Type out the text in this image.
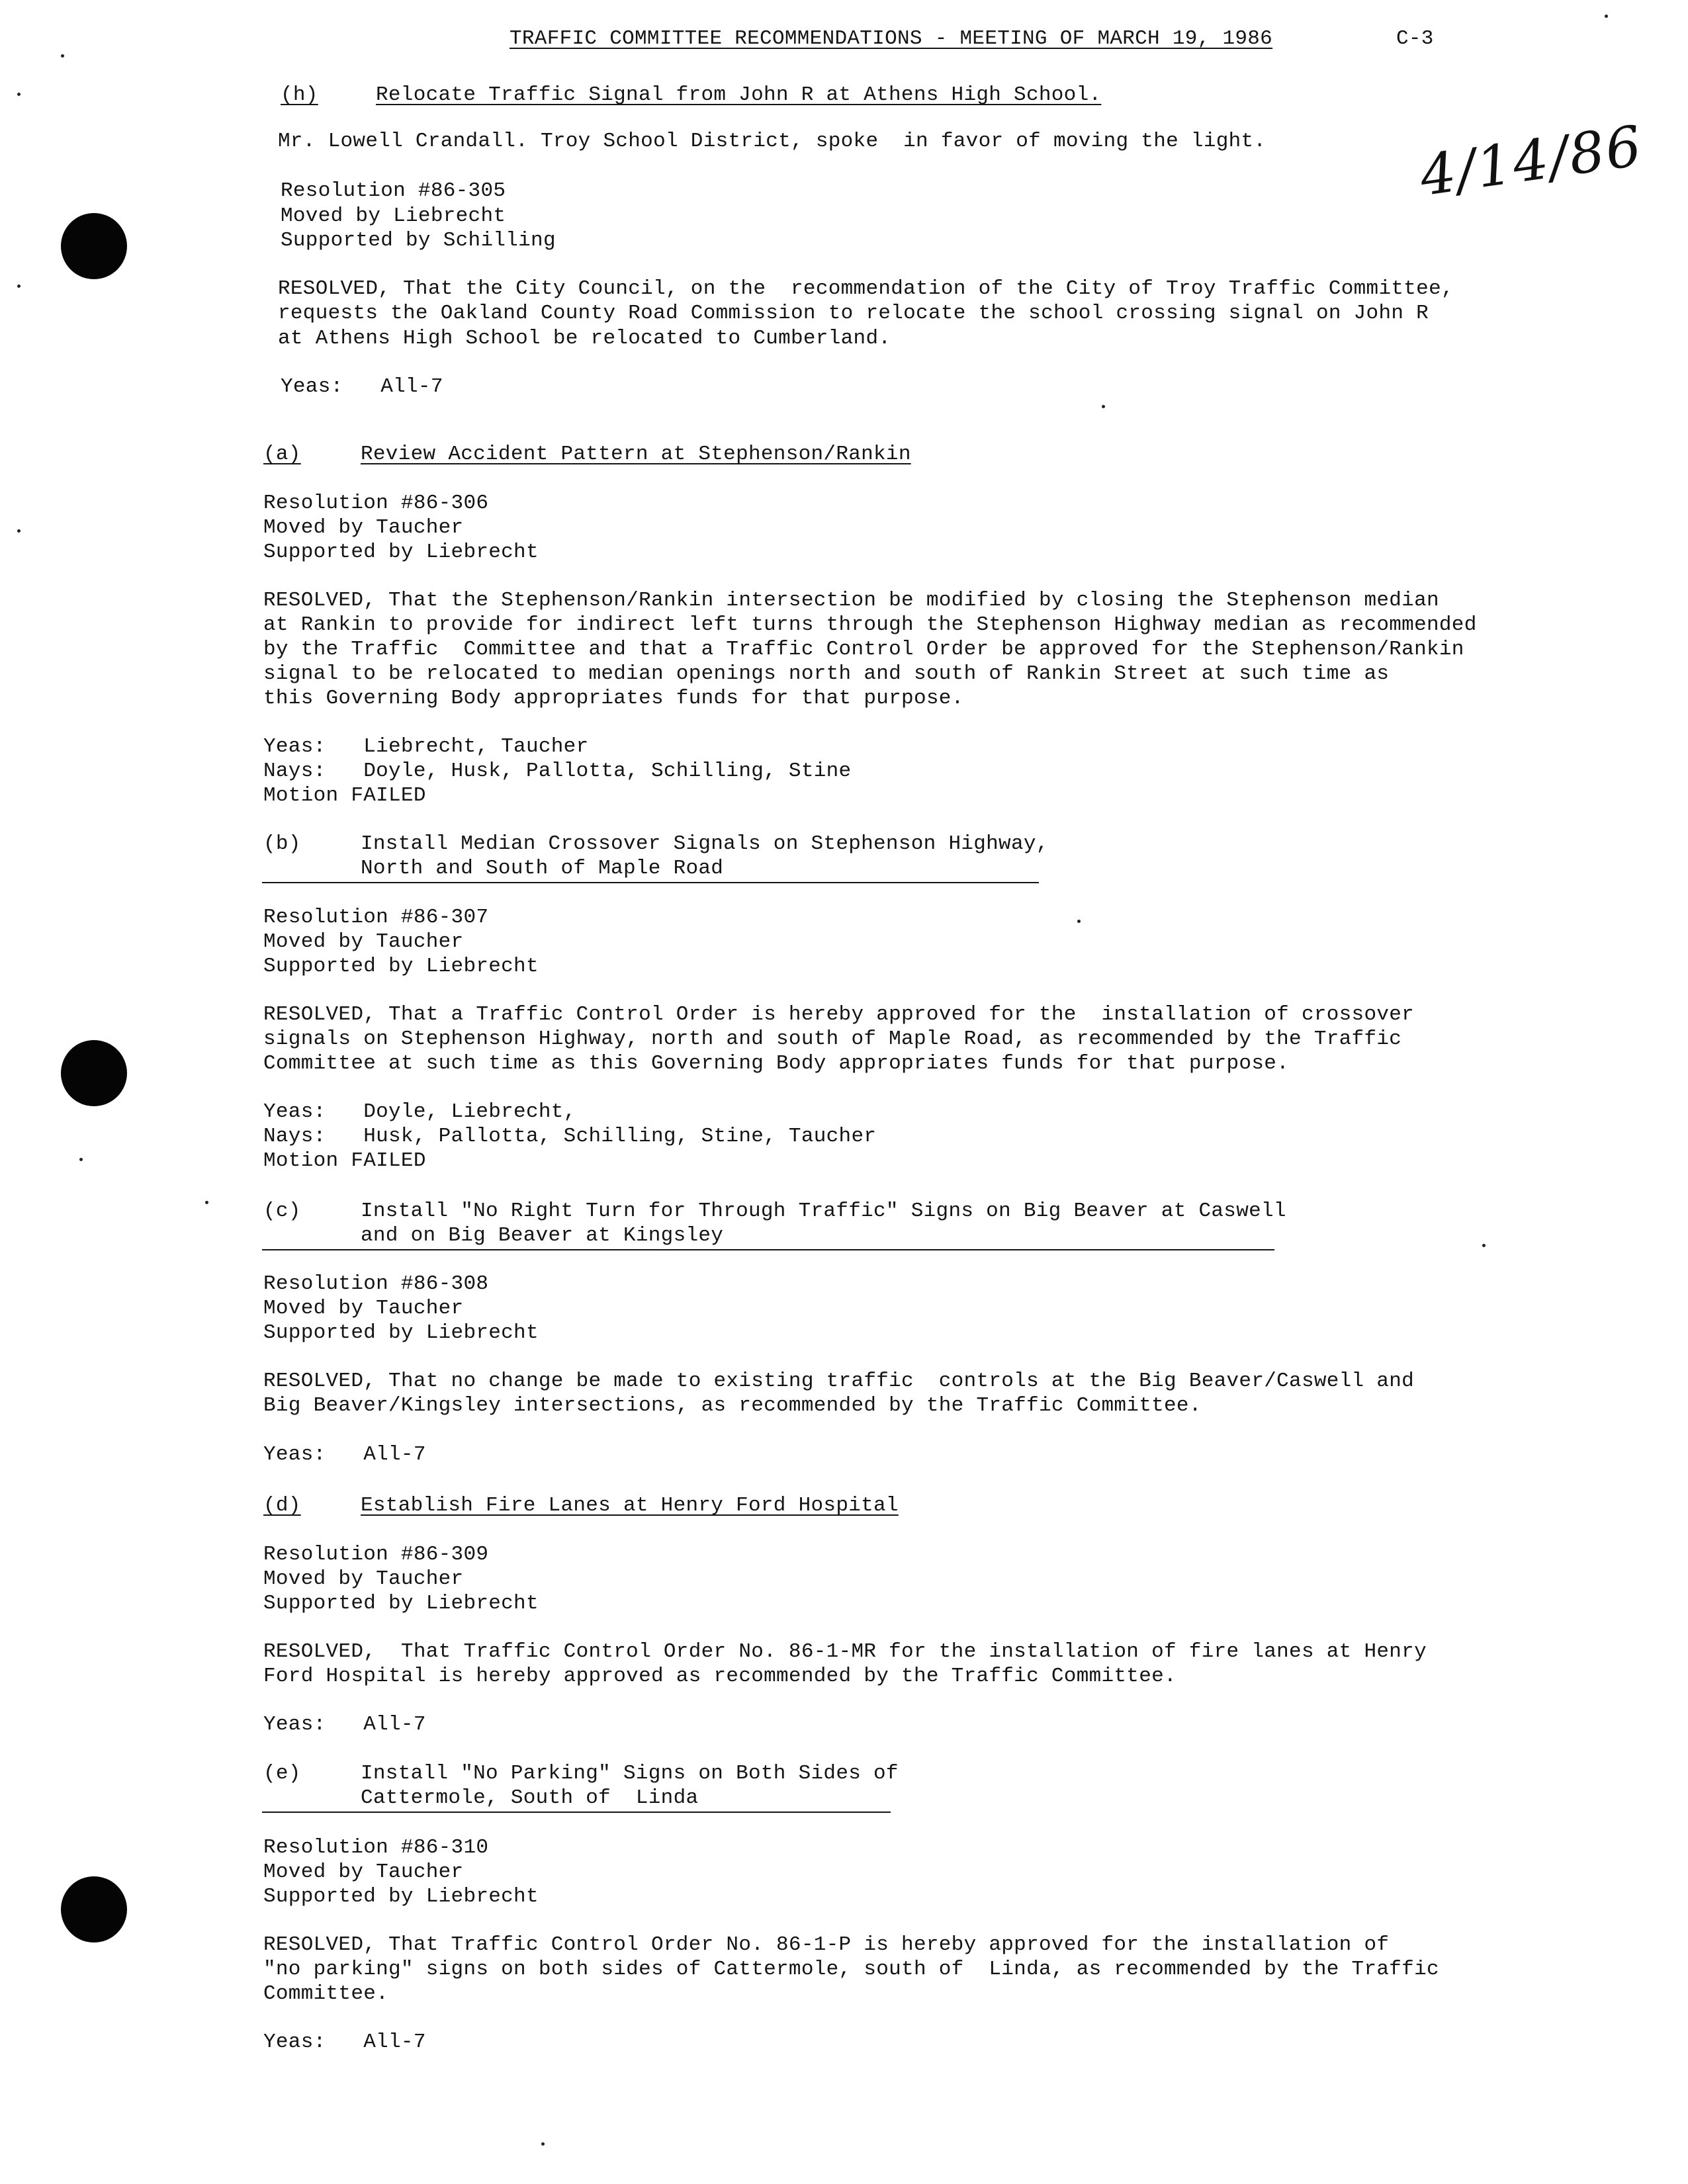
TRAFFIC COMMITTEE RECOMMENDATIONS - MEETING OF MARCH 19, 1986	C-3
4/14/86
(h)	Relocate Traffic Signal from John R at Athens High School.
Mr. Lowell Crandall. Troy School District, spoke  in favor of moving the light.
Resolution #86-305
Moved by Liebrecht
Supported by Schilling
RESOLVED, That the City Council, on the  recommendation of the City of Troy Traffic Committee,
requests the Oakland County Road Commission to relocate the school crossing signal on John R
at Athens High School be relocated to Cumberland.
Yeas:   All-7
(a)	Review Accident Pattern at Stephenson/Rankin
Resolution #86-306
Moved by Taucher
Supported by Liebrecht
RESOLVED, That the Stephenson/Rankin intersection be modified by closing the Stephenson median
at Rankin to provide for indirect left turns through the Stephenson Highway median as recommended
by the Traffic  Committee and that a Traffic Control Order be approved for the Stephenson/Rankin
signal to be relocated to median openings north and south of Rankin Street at such time as
this Governing Body appropriates funds for that purpose.
Yeas:   Liebrecht, Taucher
Nays:   Doyle, Husk, Pallotta, Schilling, Stine
Motion FAILED
(b)	Install Median Crossover Signals on Stephenson Highway,
North and South of Maple Road
Resolution #86-307
Moved by Taucher
Supported by Liebrecht
RESOLVED, That a Traffic Control Order is hereby approved for the  installation of crossover
signals on Stephenson Highway, north and south of Maple Road, as recommended by the Traffic
Committee at such time as this Governing Body appropriates funds for that purpose.
Yeas:   Doyle, Liebrecht,
Nays:   Husk, Pallotta, Schilling, Stine, Taucher
Motion FAILED
(c)	Install "No Right Turn for Through Traffic" Signs on Big Beaver at Caswell
and on Big Beaver at Kingsley
Resolution #86-308
Moved by Taucher
Supported by Liebrecht
RESOLVED, That no change be made to existing traffic  controls at the Big Beaver/Caswell and
Big Beaver/Kingsley intersections, as recommended by the Traffic Committee.
Yeas:   All-7
(d)	Establish Fire Lanes at Henry Ford Hospital
Resolution #86-309
Moved by Taucher
Supported by Liebrecht
RESOLVED,  That Traffic Control Order No. 86-1-MR for the installation of fire lanes at Henry
Ford Hospital is hereby approved as recommended by the Traffic Committee.
Yeas:   All-7
(e)	Install "No Parking" Signs on Both Sides of
Cattermole, South of  Linda
Resolution #86-310
Moved by Taucher
Supported by Liebrecht
RESOLVED, That Traffic Control Order No. 86-1-P is hereby approved for the installation of
"no parking" signs on both sides of Cattermole, south of  Linda, as recommended by the Traffic
Committee.
Yeas:   All-7
